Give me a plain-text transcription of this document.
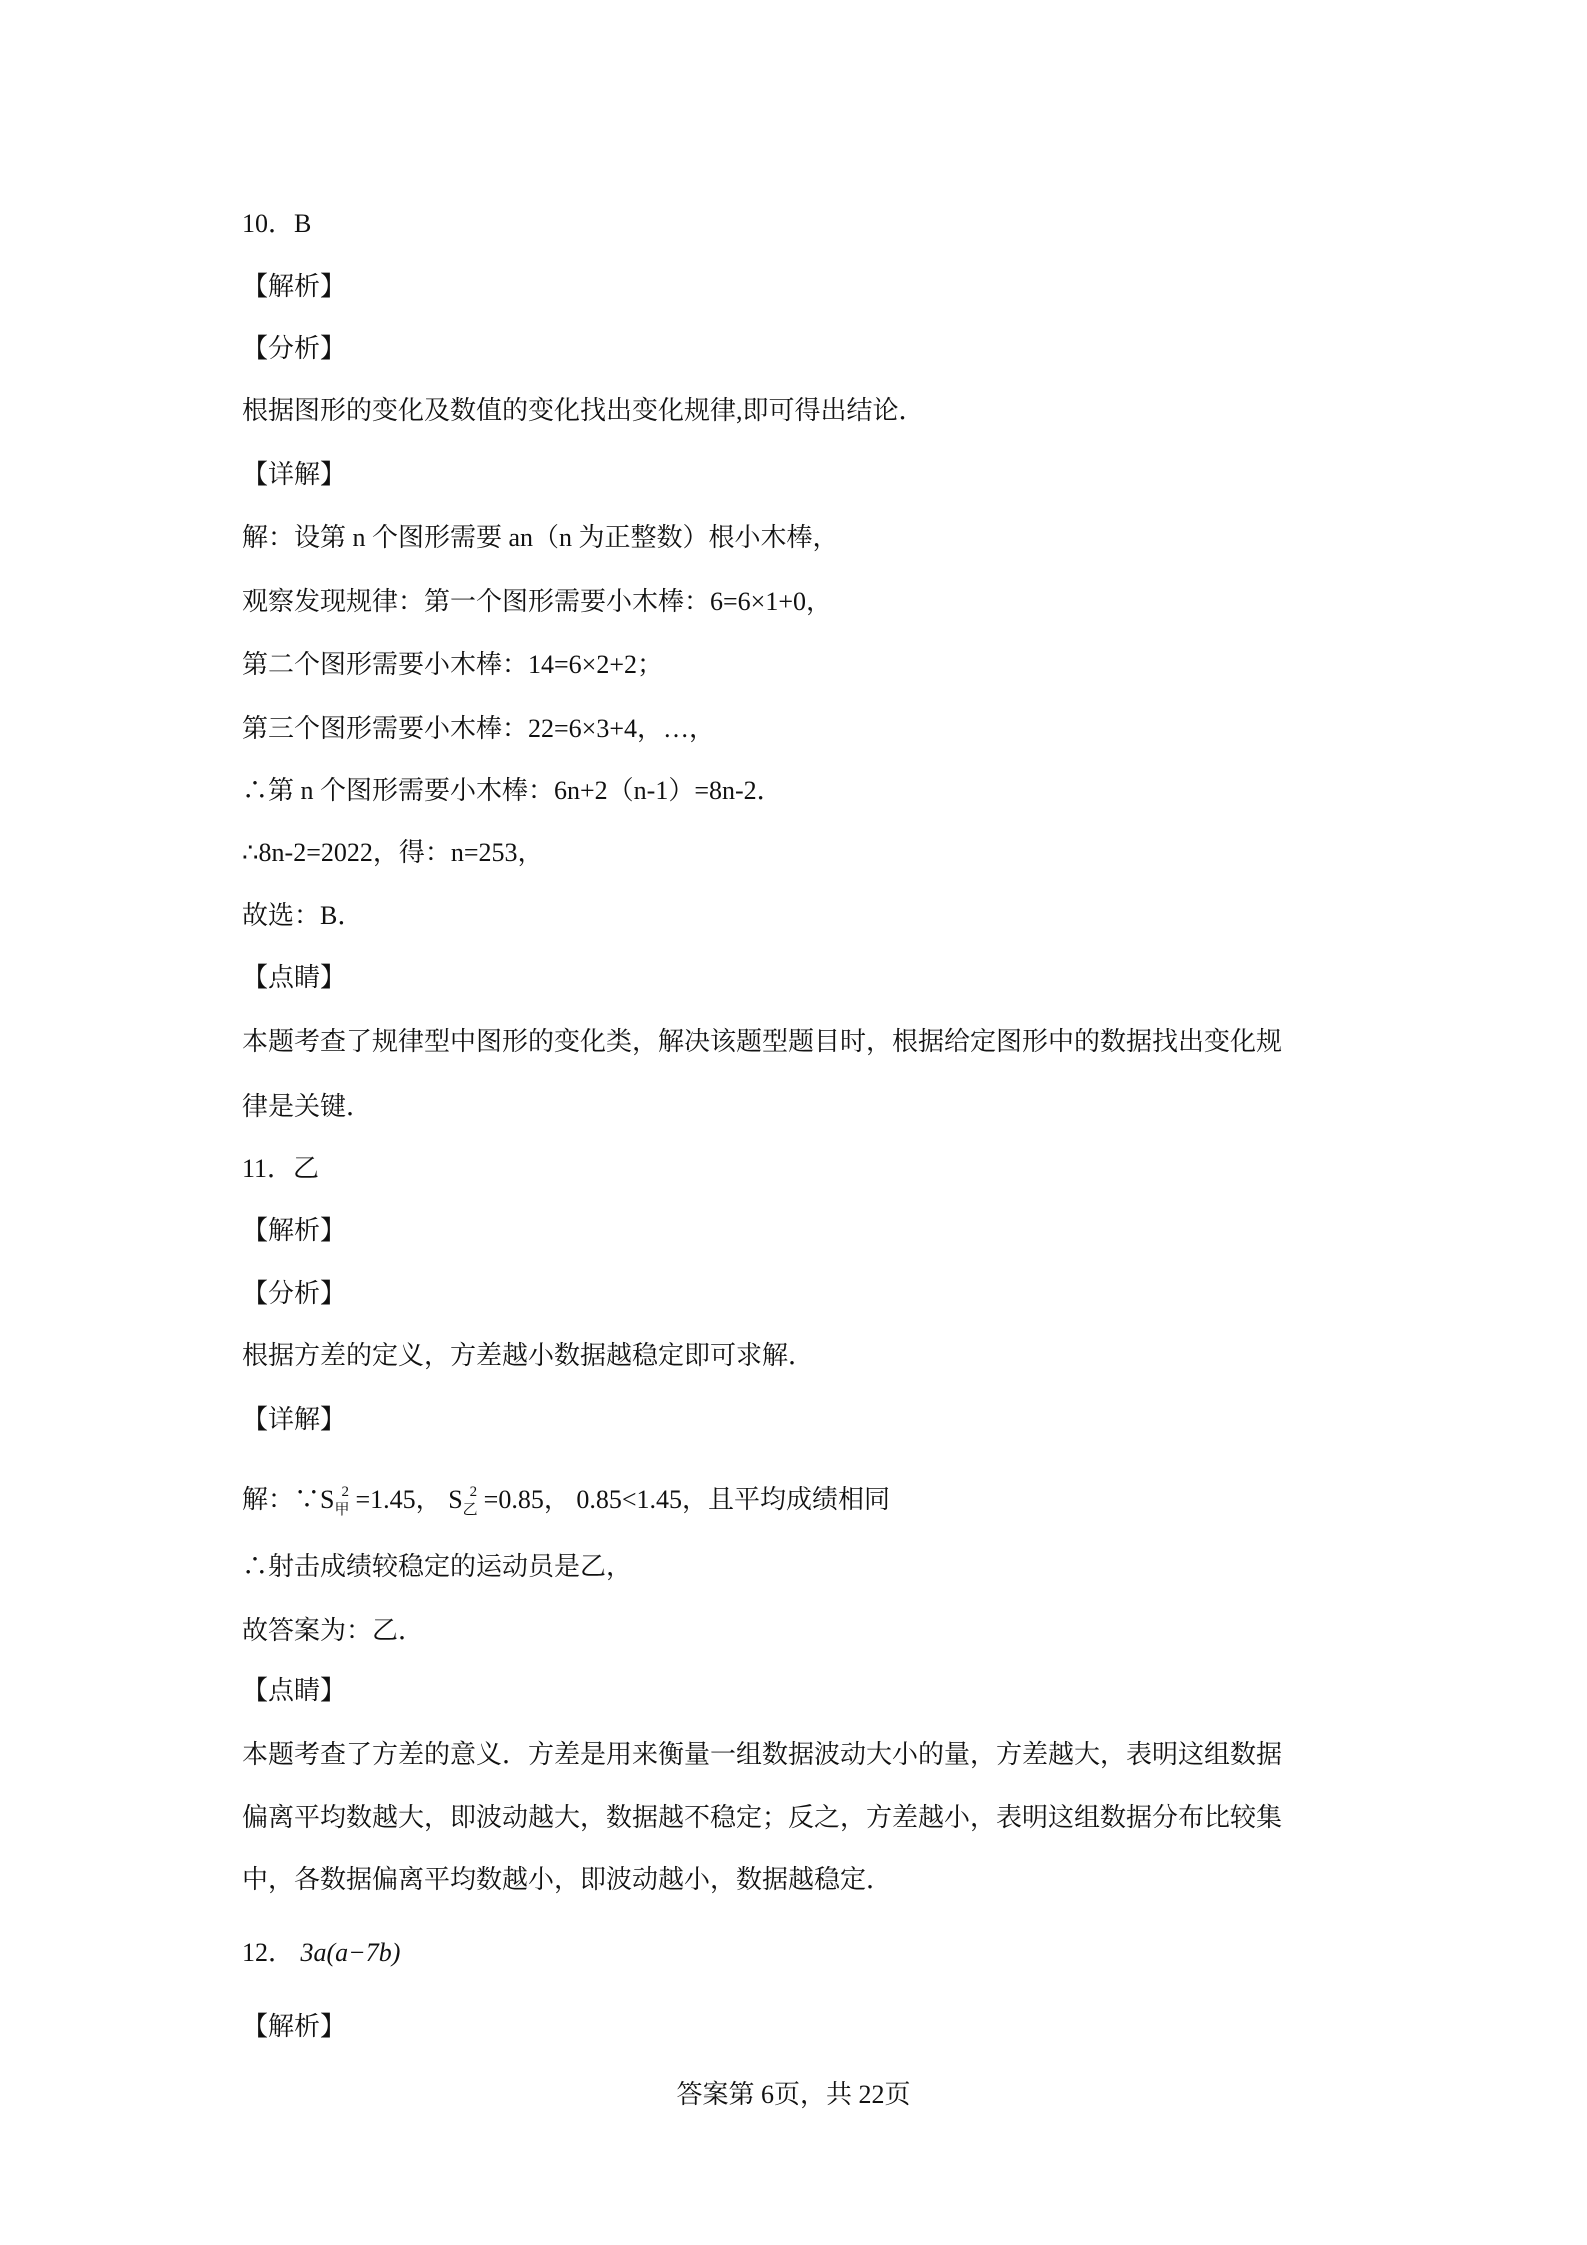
10．B
【解析】
【分析】
根据图形的变化及数值的变化找出变化规律,即可得出结论．
【详解】
解：设第 n 个图形需要 an（n 为正整数）根小木棒，
观察发现规律：第一个图形需要小木棒：6=6×1+0，
第二个图形需要小木棒：14=6×2+2；
第三个图形需要小木棒：22=6×3+4，…，
∴第 n 个图形需要小木棒：6n+2（n-1）=8n-2．
∴8n-2=2022，得：n=253，
故选：B．
【点睛】
本题考查了规律型中图形的变化类，解决该题型题目时，根据给定图形中的数据找出变化规
律是关键．
11．乙
【解析】
【分析】
根据方差的定义，方差越小数据越稳定即可求解．
【详解】
解：$\because S_甲^2 =1.45$， $S_乙^2 =0.85$， 0.85<1.45，且平均成绩相同
∴射击成绩较稳定的运动员是乙，
故答案为：乙．
【点睛】
本题考查了方差的意义．方差是用来衡量一组数据波动大小的量，方差越大，表明这组数据
偏离平均数越大，即波动越大，数据越不稳定；反之，方差越小，表明这组数据分布比较集
中，各数据偏离平均数越小，即波动越小，数据越稳定．
12． 3a(a−7b)
【解析】
答案第 6页，共 22页
